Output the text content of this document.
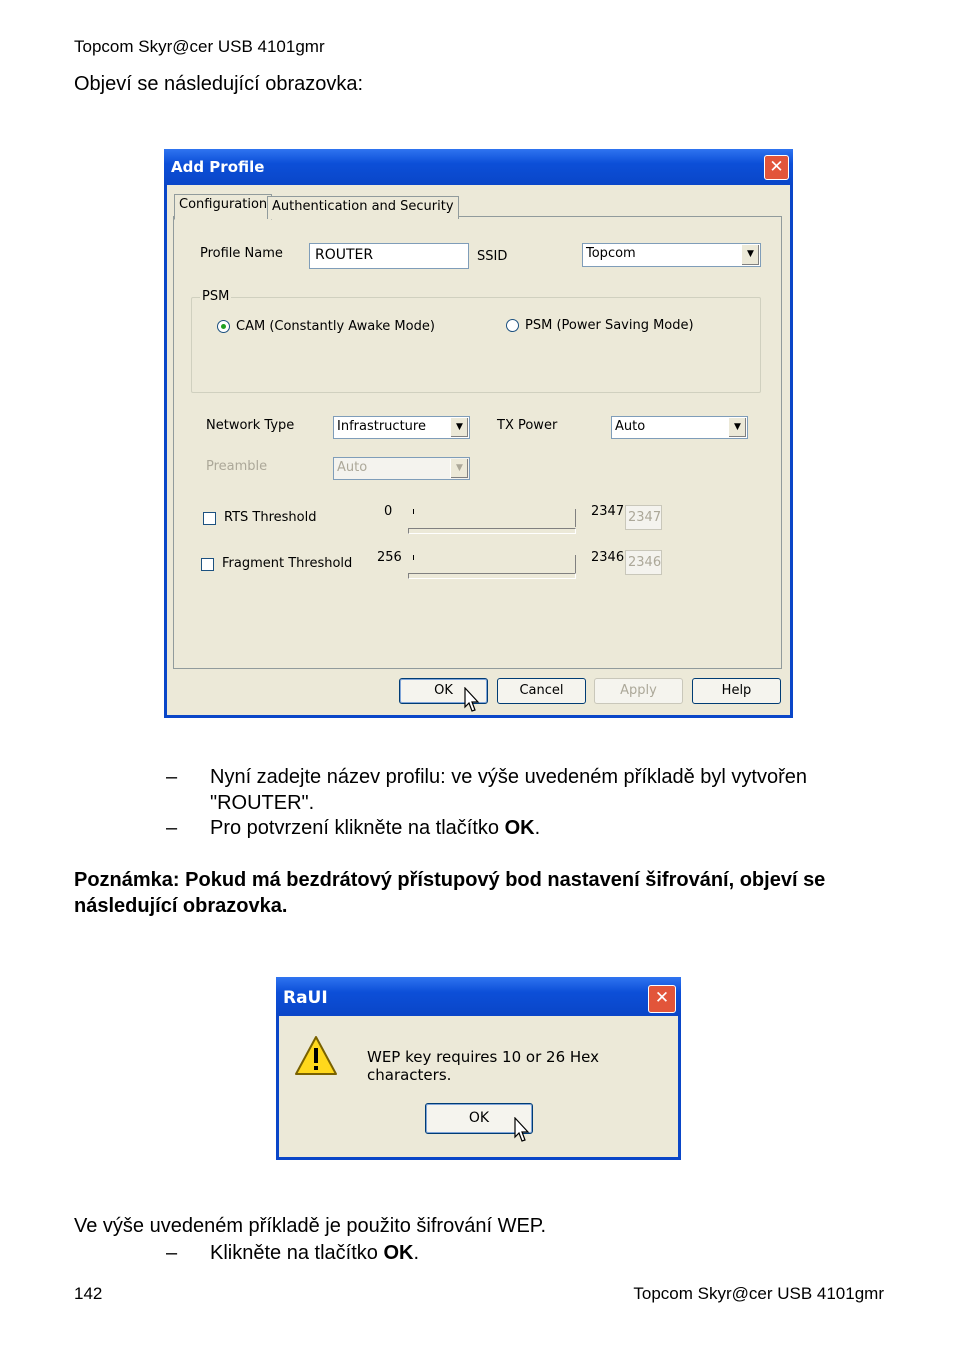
Topcom Skyr@cer USB 4101gmr
Objeví se následující obrazovka:
Add Profile	✕
Configuration Authentication and Security
Profile Name	ROUTER	SSID	Topcom	▼
PSM
CAM (Constantly Awake Mode)	PSM (Power Saving Mode)
Network Type	Infrastructure	▼	TX Power	Auto	▼
Preamble	Auto	▼
RTS Threshold	0	2347 2347
Fragment Threshold 256	2346 2346
OK	Cancel	Apply	Help
– Nyní zadejte název profilu: ve výše uvedeném příkladě byl vytvořen "ROUTER".
– Pro potvrzení klikněte na tlačítko OK.
Poznámka: Pokud má bezdrátový přístupový bod nastavení šifrování, objeví se následující obrazovka.
RaUI	✕
WEP key requires 10 or 26 Hex characters.
OK
Ve výše uvedeném příkladě je použito šifrování WEP.
– Klikněte na tlačítko OK.
142	Topcom Skyr@cer USB 4101gmr
